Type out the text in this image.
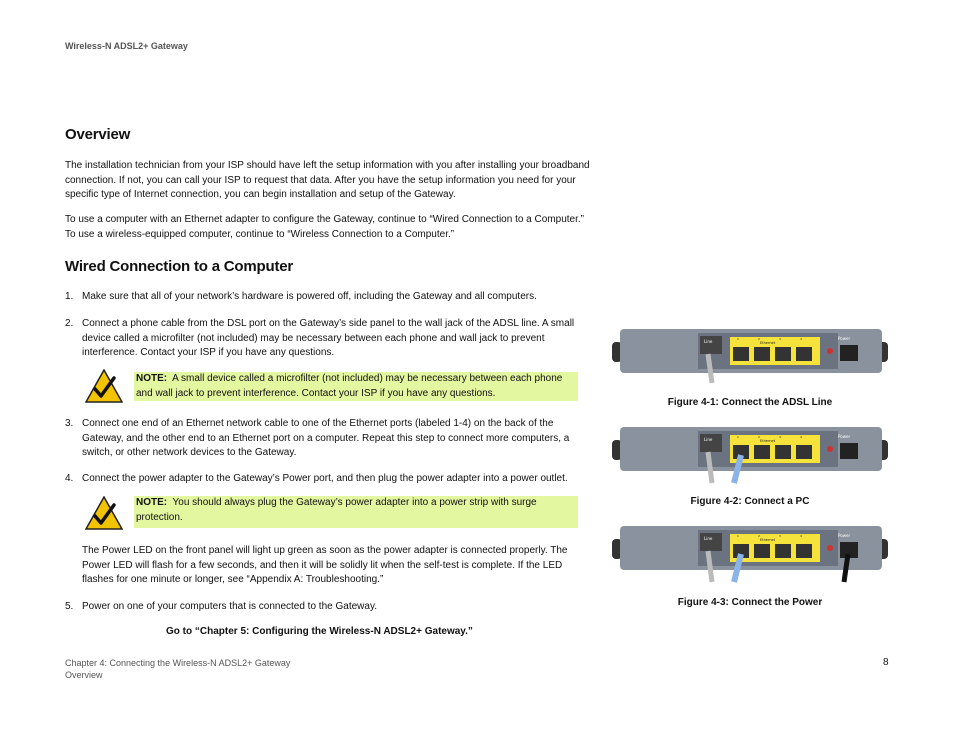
Wireless-N ADSL2+ Gateway
Overview
The installation technician from your ISP should have left the setup information with you after installing your broadband connection. If not, you can call your ISP to request that data. After you have the setup information you need for your specific type of Internet connection, you can begin installation and setup of the Gateway.
To use a computer with an Ethernet adapter to configure the Gateway, continue to “Wired Connection to a Computer.” To use a wireless-equipped computer, continue to “Wireless Connection to a Computer.”
Wired Connection to a Computer
1. Make sure that all of your network’s hardware is powered off, including the Gateway and all computers.
2. Connect a phone cable from the DSL port on the Gateway’s side panel to the wall jack of the ADSL line. A small device called a microfilter (not included) may be necessary between each phone and wall jack to prevent interference. Contact your ISP if you have any questions.
NOTE: A small device called a microfilter (not included) may be necessary between each phone and wall jack to prevent interference. Contact your ISP if you have any questions.
3. Connect one end of an Ethernet network cable to one of the Ethernet ports (labeled 1-4) on the back of the Gateway, and the other end to an Ethernet port on a computer. Repeat this step to connect more computers, a switch, or other network devices to the Gateway.
4. Connect the power adapter to the Gateway’s Power port, and then plug the power adapter into a power outlet.
NOTE: You should always plug the Gateway’s power adapter into a power strip with surge protection.
The Power LED on the front panel will light up green as soon as the power adapter is connected properly. The Power LED will flash for a few seconds, and then it will be solidly lit when the self-test is complete. If the LED flashes for one minute or longer, see “Appendix A: Troubleshooting.”
5. Power on one of your computers that is connected to the Gateway.
Go to “Chapter 5: Configuring the Wireless-N ADSL2+ Gateway.”
Line	Ethernet
1	2	3	4	Power
Figure 4-1: Connect the ADSL Line
Line	Ethernet
1	2	3	4	Power
Figure 4-2: Connect a PC
Line	Ethernet
1	2	3	4	Power
Figure 4-3: Connect the Power
Chapter 4: Connecting the Wireless-N ADSL2+ Gateway
Overview
8
